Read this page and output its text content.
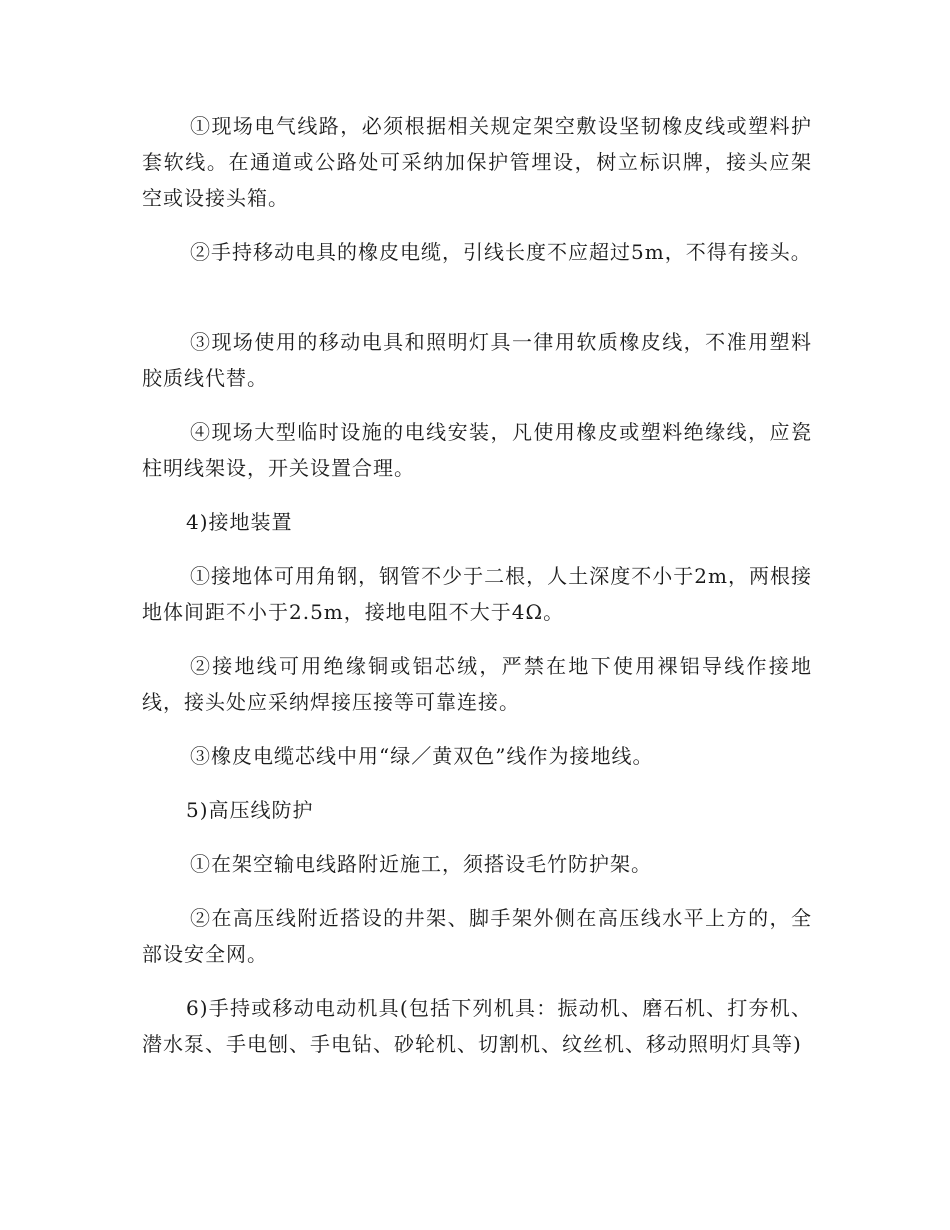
①现场电气线路，必须根据相关规定架空敷设坚韧橡皮线或塑料护套软线。在通道或公路处可采纳加保护管埋设，树立标识牌，接头应架空或设接头箱。

②手持移动电具的橡皮电缆，引线长度不应超过5m，不得有接头。

③现场使用的移动电具和照明灯具一律用软质橡皮线，不准用塑料胶质线代替。

④现场大型临时设施的电线安装，凡使用橡皮或塑料绝缘线，应瓷柱明线架设，开关设置合理。

4)接地装置

①接地体可用角钢，钢管不少于二根，人土深度不小于2m，两根接地体间距不小于2.5m，接地电阻不大于4Ω。

②接地线可用绝缘铜或铝芯绒，严禁在地下使用裸铝导线作接地线，接头处应采纳焊接压接等可靠连接。

③橡皮电缆芯线中用“绿／黄双色”线作为接地线。

5)高压线防护

①在架空输电线路附近施工，须搭设毛竹防护架。

②在高压线附近搭设的井架、脚手架外侧在高压线水平上方的，全部设安全网。

6)手持或移动电动机具(包括下列机具：振动机、磨石机、打夯机、潜水泵、手电刨、手电钻、砂轮机、切割机、纹丝机、移动照明灯具等)
